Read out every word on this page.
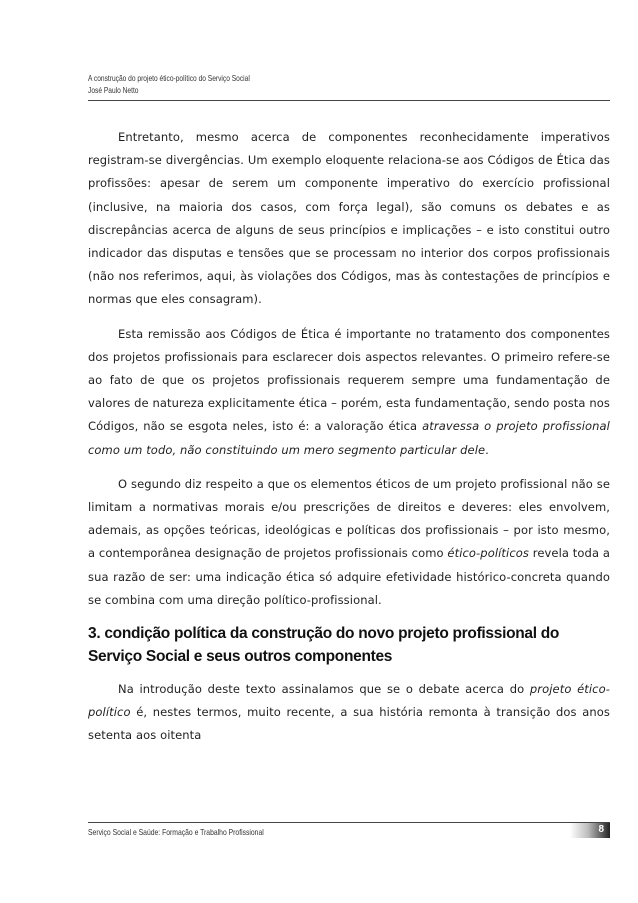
A construção do projeto ético-político do Serviço Social
José Paulo Netto

Entretanto, mesmo acerca de componentes reconhecidamente imperativos registram-se divergências. Um exemplo eloquente relaciona-se aos Códigos de Ética das profissões: apesar de serem um componente imperativo do exercício profissional (inclusive, na maioria dos casos, com força legal), são comuns os debates e as discrepâncias acerca de alguns de seus princípios e implicações – e isto constitui outro indicador das disputas e tensões que se processam no interior dos corpos profissionais (não nos referimos, aqui, às violações dos Códigos, mas às contestações de princípios e normas que eles consagram).

Esta remissão aos Códigos de Ética é importante no tratamento dos componentes dos projetos profissionais para esclarecer dois aspectos relevantes. O primeiro refere-se ao fato de que os projetos profissionais requerem sempre uma fundamentação de valores de natureza explicitamente ética – porém, esta fundamentação, sendo posta nos Códigos, não se esgota neles, isto é: a valoração ética atravessa o projeto profissional como um todo, não constituindo um mero segmento particular dele.

O segundo diz respeito a que os elementos éticos de um projeto profissional não se limitam a normativas morais e/ou prescrições de direitos e deveres: eles envolvem, ademais, as opções teóricas, ideológicas e políticas dos profissionais – por isto mesmo, a contemporânea designação de projetos profissionais como ético-políticos revela toda a sua razão de ser: uma indicação ética só adquire efetividade histórico-concreta quando se combina com uma direção político-profissional.

3. condição política da construção do novo projeto profissional do Serviço Social e seus outros componentes

Na introdução deste texto assinalamos que se o debate acerca do projeto ético-político é, nestes termos, muito recente, a sua história remonta à transição dos anos setenta aos oitenta

Serviço Social e Saúde: Formação e Trabalho Profissional	8
